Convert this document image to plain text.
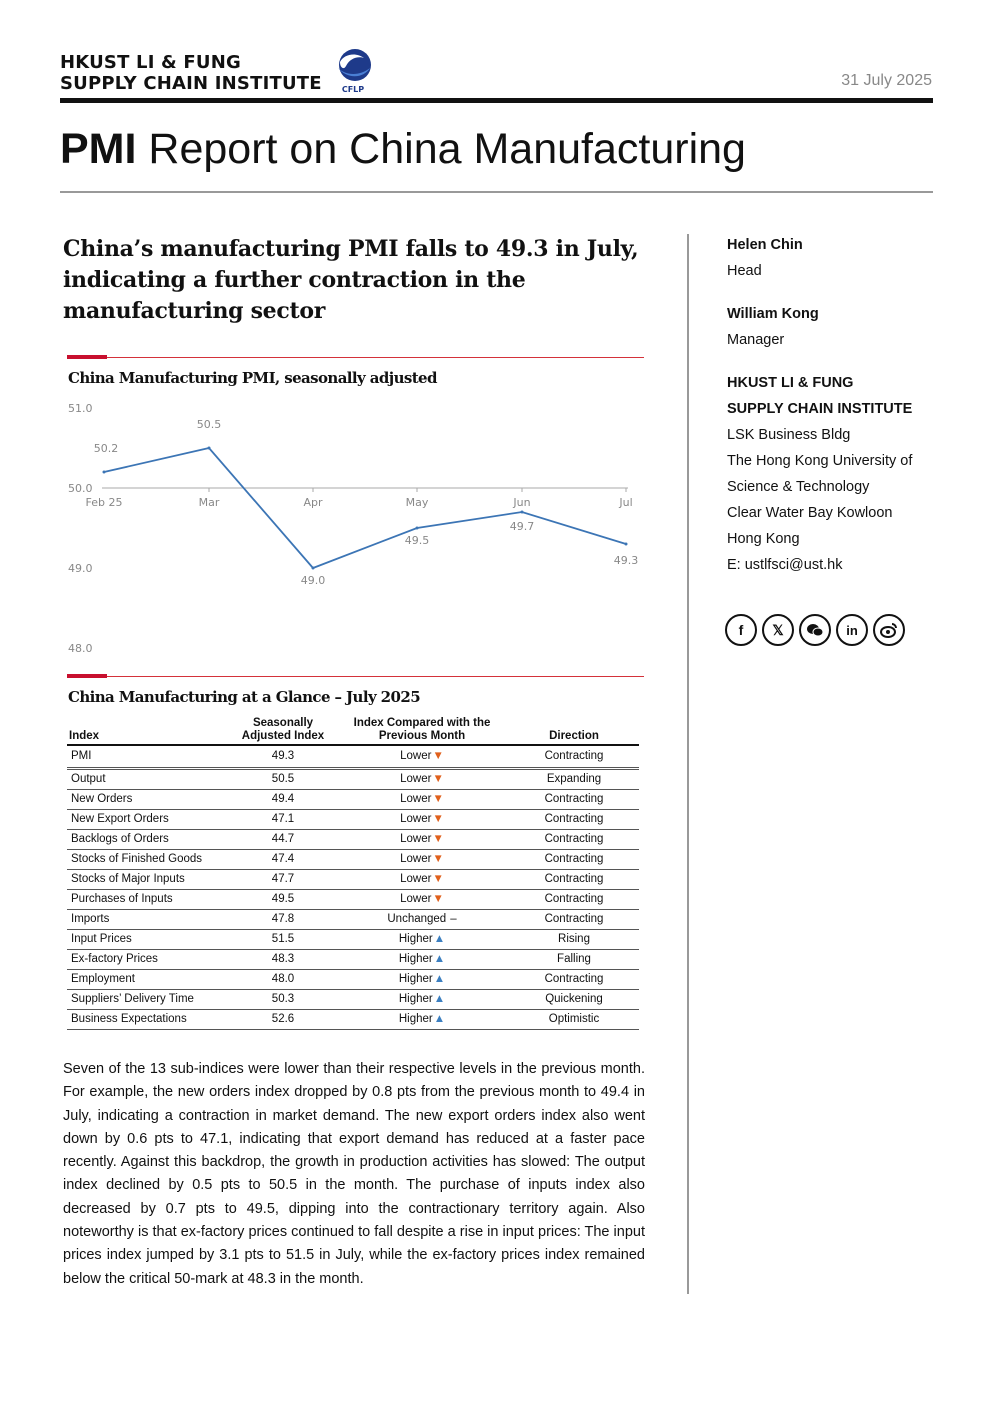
HKUST LI & FUNG
SUPPLY CHAIN INSTITUTE	CFLP
31 July 2025
PMI Report on China Manufacturing
China’s manufacturing PMI falls to 49.3 in July, indicating a further contraction in the manufacturing sector
China Manufacturing PMI, seasonally adjusted
51.0
50.0
49.0
48.0
Feb 25	Mar	Apr	May	Jun	Jul
50.2
50.5
49.0
49.5
49.7
49.3
China Manufacturing at a Glance – July 2025
Index	Seasonally Adjusted Index	Index Compared with the Previous Month	Direction
PMI	49.3	Lower▼	Contracting
Output	50.5	Lower▼	Expanding
New Orders	49.4	Lower▼	Contracting
New Export Orders	47.1	Lower▼	Contracting
Backlogs of Orders	44.7	Lower▼	Contracting
Stocks of Finished Goods	47.4	Lower▼	Contracting
Stocks of Major Inputs	47.7	Lower▼	Contracting
Purchases of Inputs	49.5	Lower▼	Contracting
Imports	47.8	Unchanged –	Contracting
Input Prices	51.5	Higher▲	Rising
Ex-factory Prices	48.3	Higher▲	Falling
Employment	48.0	Higher▲	Contracting
Suppliers’ Delivery Time	50.3	Higher▲	Quickening
Business Expectations	52.6	Higher▲	Optimistic
Seven of the 13 sub-indices were lower than their respective levels in the previous month. For example, the new orders index dropped by 0.8 pts from the previous month to 49.4 in July, indicating a contraction in market demand. The new export orders index also went down by 0.6 pts to 47.1, indicating that export demand has reduced at a faster pace recently. Against this backdrop, the growth in production activities has slowed: The output index declined by 0.5 pts to 50.5 in the month. The purchase of inputs index also decreased by 0.7 pts to 49.5, dipping into the contractionary territory again. Also noteworthy is that ex-factory prices continued to fall despite a rise in input prices: The input prices index jumped by 3.1 pts to 51.5 in July, while the ex-factory prices index remained below the critical 50-mark at 48.3 in the month.
Helen Chin
Head
William Kong
Manager
HKUST LI & FUNG
SUPPLY CHAIN INSTITUTE
LSK Business Bldg
The Hong Kong University of
Science & Technology
Clear Water Bay Kowloon
Hong Kong
E: ustlfsci@ust.hk
f	𝕏	in
